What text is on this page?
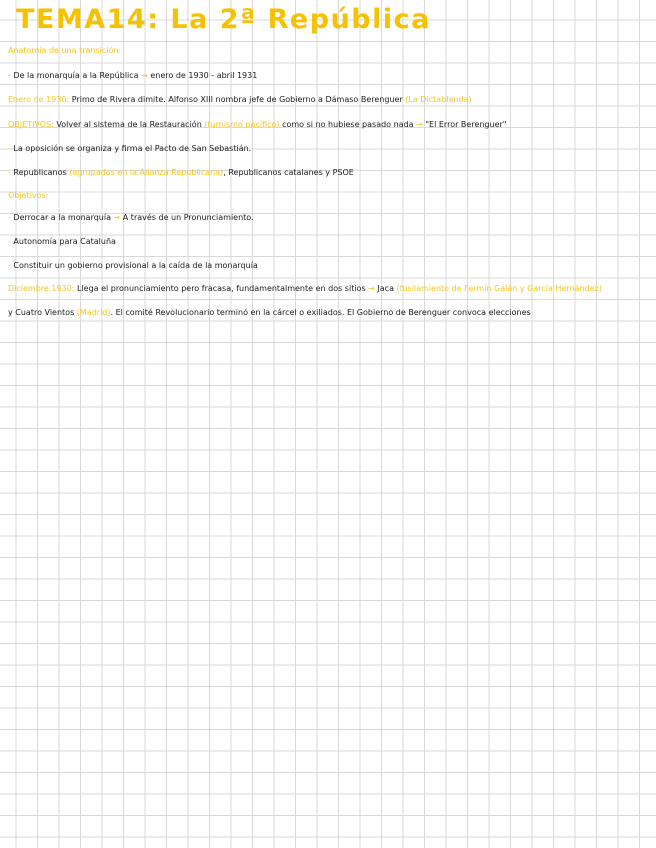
TEMA14: La 2ª República
Anatomía de una transición:
- De la monarquía a la República → enero de 1930 - abril 1931
Enero de 1930: Primo de Rivera dimite. Alfonso XIII nombra jefe de Gobierno a Dámaso Berenguer (La Dictablanda)
OBJETIVOS: Volver al sistema de la Restauración (turnismo pacífico) como si no hubiese pasado nada → "El Error Berenguer"
- La oposición se organiza y firma el Pacto de San Sebastián.
- Republicanos (agrupados en la Alianza Republicana), Republicanos catalanes y PSOE
Objetivos:
- Derrocar a la monarquía → A través de un Pronunciamiento.
- Autonomía para Cataluña
- Constituir un gobierno provisional a la caída de la monarquía
Diciembre 1930: Llega el pronunciamiento pero fracasa, fundamentalmente en dos sitios → Jaca (fusilamiento de Fermín Galán y García Hernández)
y Cuatro Vientos (Madrid). El comité Revolucionario terminó en la cárcel o exiliados. El Gobierno de Berenguer convoca elecciones
